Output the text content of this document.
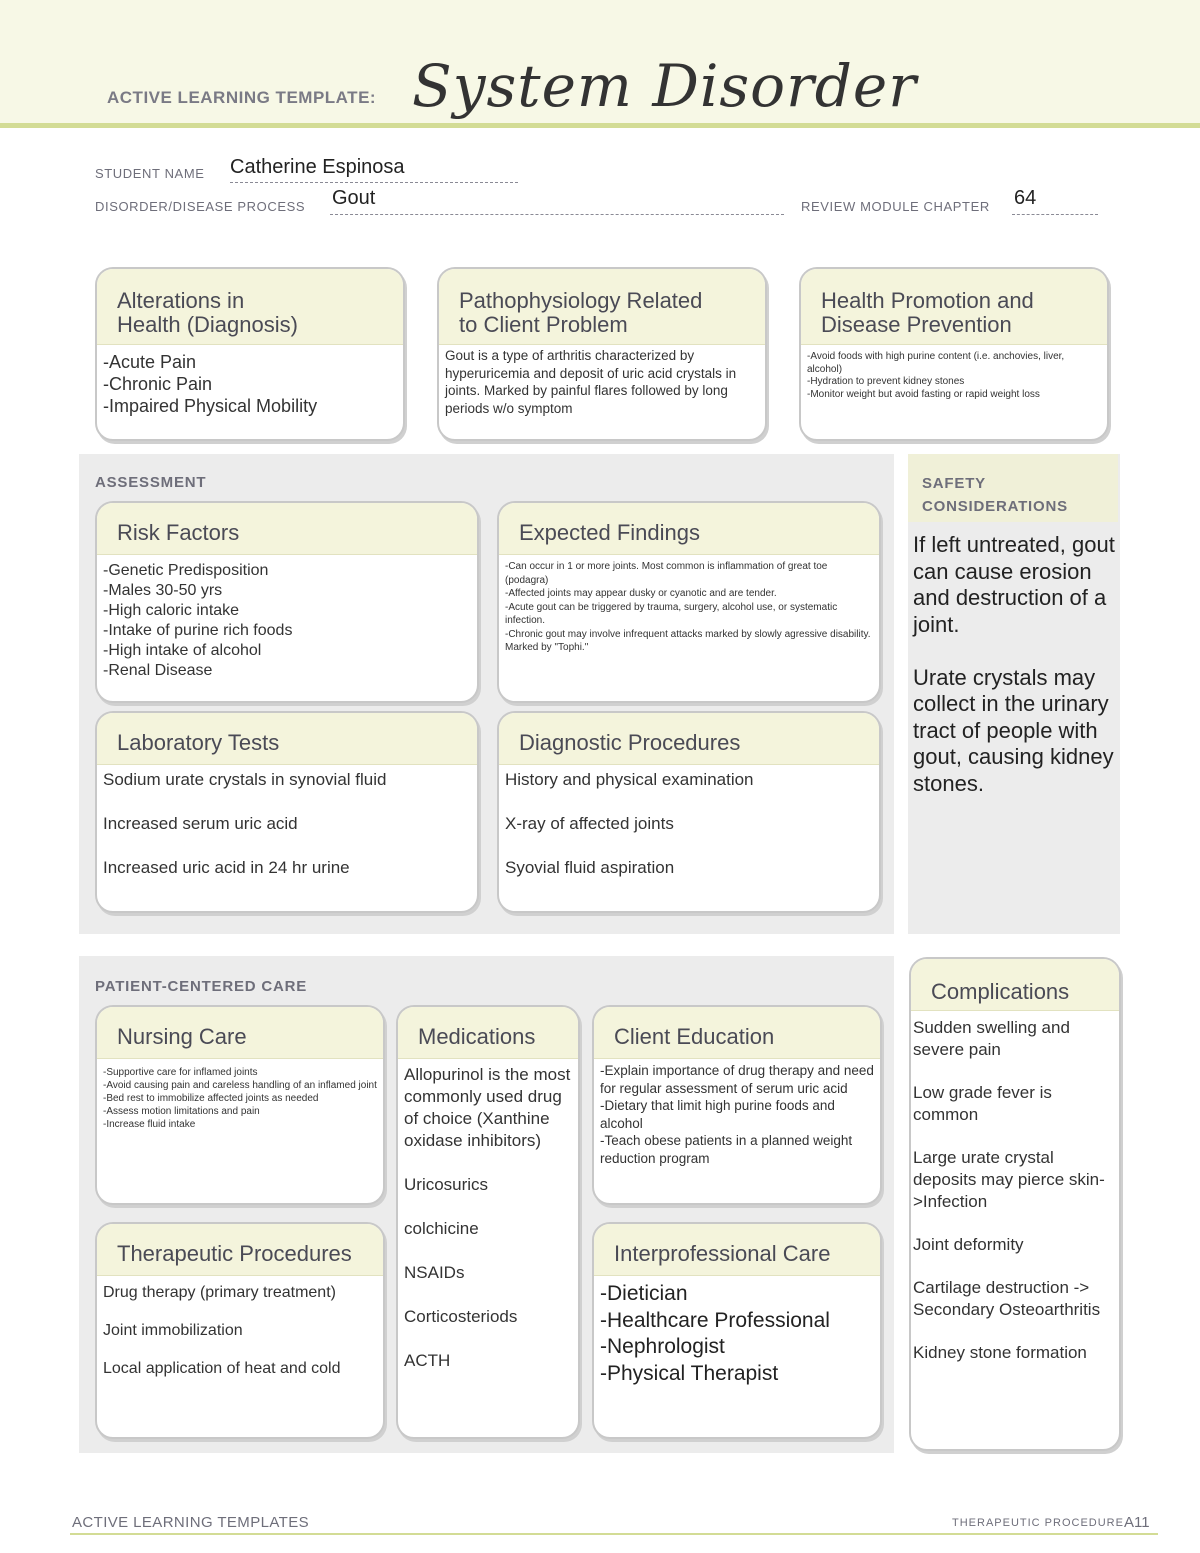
ACTIVE LEARNING TEMPLATE: System Disorder
STUDENT NAME Catherine Espinosa
DISORDER/DISEASE PROCESS Gout	REVIEW MODULE CHAPTER 64
Alterations in
Health (Diagnosis)
-Acute Pain
-Chronic Pain
-Impaired Physical Mobility
Pathophysiology Related
to Client Problem
Gout is a type of arthritis characterized by hyperuricemia and deposit of uric acid crystals in joints. Marked by painful flares followed by long periods w/o symptom
Health Promotion and
Disease Prevention
-Avoid foods with high purine content (i.e. anchovies, liver, alcohol)
-Hydration to prevent kidney stones
-Monitor weight but avoid fasting or rapid weight loss
ASSESSMENT
Risk Factors
-Genetic Predisposition
-Males 30-50 yrs
-High caloric intake
-Intake of purine rich foods
-High intake of alcohol
-Renal Disease
Expected Findings
-Can occur in 1 or more joints. Most common is inflammation of great toe (podagra)
-Affected joints may appear dusky or cyanotic and are tender.
-Acute gout can be triggered by trauma, surgery, alcohol use, or systematic infection.
-Chronic gout may involve infrequent attacks marked by slowly agressive disability. Marked by "Tophi."
Laboratory Tests
Sodium urate crystals in synovial fluid
Increased serum uric acid
Increased uric acid in 24 hr urine
Diagnostic Procedures
History and physical examination
X-ray of affected joints
Syovial fluid aspiration
SAFETY
CONSIDERATIONS
If left untreated, gout can cause erosion and destruction of a joint.

Urate crystals may collect in the urinary tract of people with gout, causing kidney stones.
PATIENT-CENTERED CARE
Nursing Care
-Supportive care for inflamed joints
-Avoid causing pain and careless handling of an inflamed joint
-Bed rest to immobilize affected joints as needed
-Assess motion limitations and pain
-Increase fluid intake
Medications
Allopurinol is the most commonly used drug of choice (Xanthine oxidase inhibitors)
Uricosurics
colchicine
NSAIDs
Corticosteriods
ACTH
Client Education
-Explain importance of drug therapy and need for regular assessment of serum uric acid
-Dietary that limit high purine foods and alcohol
-Teach obese patients in a planned weight reduction program
Therapeutic Procedures
Drug therapy (primary treatment)
Joint immobilization
Local application of heat and cold
Interprofessional Care
-Dietician
-Healthcare Professional
-Nephrologist
-Physical Therapist
Complications
Sudden swelling and severe pain
Low grade fever is common
Large urate crystal deposits may pierce skin->Infection
Joint deformity
Cartilage destruction -> Secondary Osteoarthritis
Kidney stone formation
ACTIVE LEARNING TEMPLATES	THERAPEUTIC PROCEDURE A11
